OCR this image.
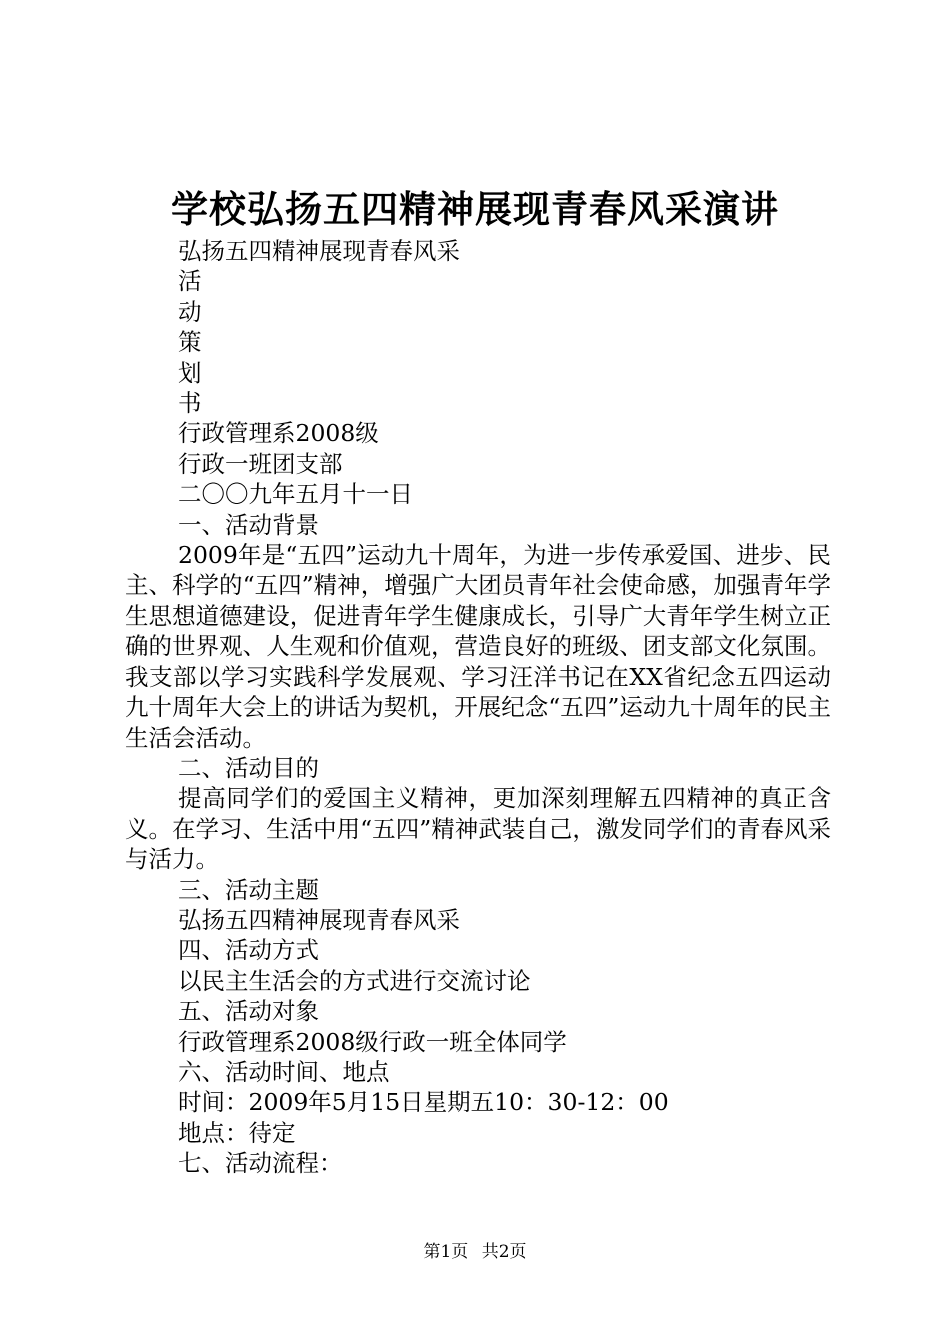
学校弘扬五四精神展现青春风采演讲

弘扬五四精神展现青春风采

活

动

策

划

书

行政管理系2008级

行政一班团支部

二〇〇九年五月十一日

一、活动背景

2009年是“五四”运动九十周年，为进一步传承爱国、进步、民主、科学的“五四”精神，增强广大团员青年社会使命感，加强青年学生思想道德建设，促进青年学生健康成长，引导广大青年学生树立正确的世界观、人生观和价值观，营造良好的班级、团支部文化氛围。我支部以学习实践科学发展观、学习汪洋书记在XX省纪念五四运动九十周年大会上的讲话为契机，开展纪念“五四”运动九十周年的民主生活会活动。

二、活动目的

提高同学们的爱国主义精神，更加深刻理解五四精神的真正含义。在学习、生活中用“五四”精神武装自己，激发同学们的青春风采与活力。

三、活动主题

弘扬五四精神展现青春风采

四、活动方式

以民主生活会的方式进行交流讨论

五、活动对象

行政管理系2008级行政一班全体同学

六、活动时间、地点

时间：2009年5月15日星期五10：30-12：00

地点：待定

七、活动流程：

第1页 共2页
